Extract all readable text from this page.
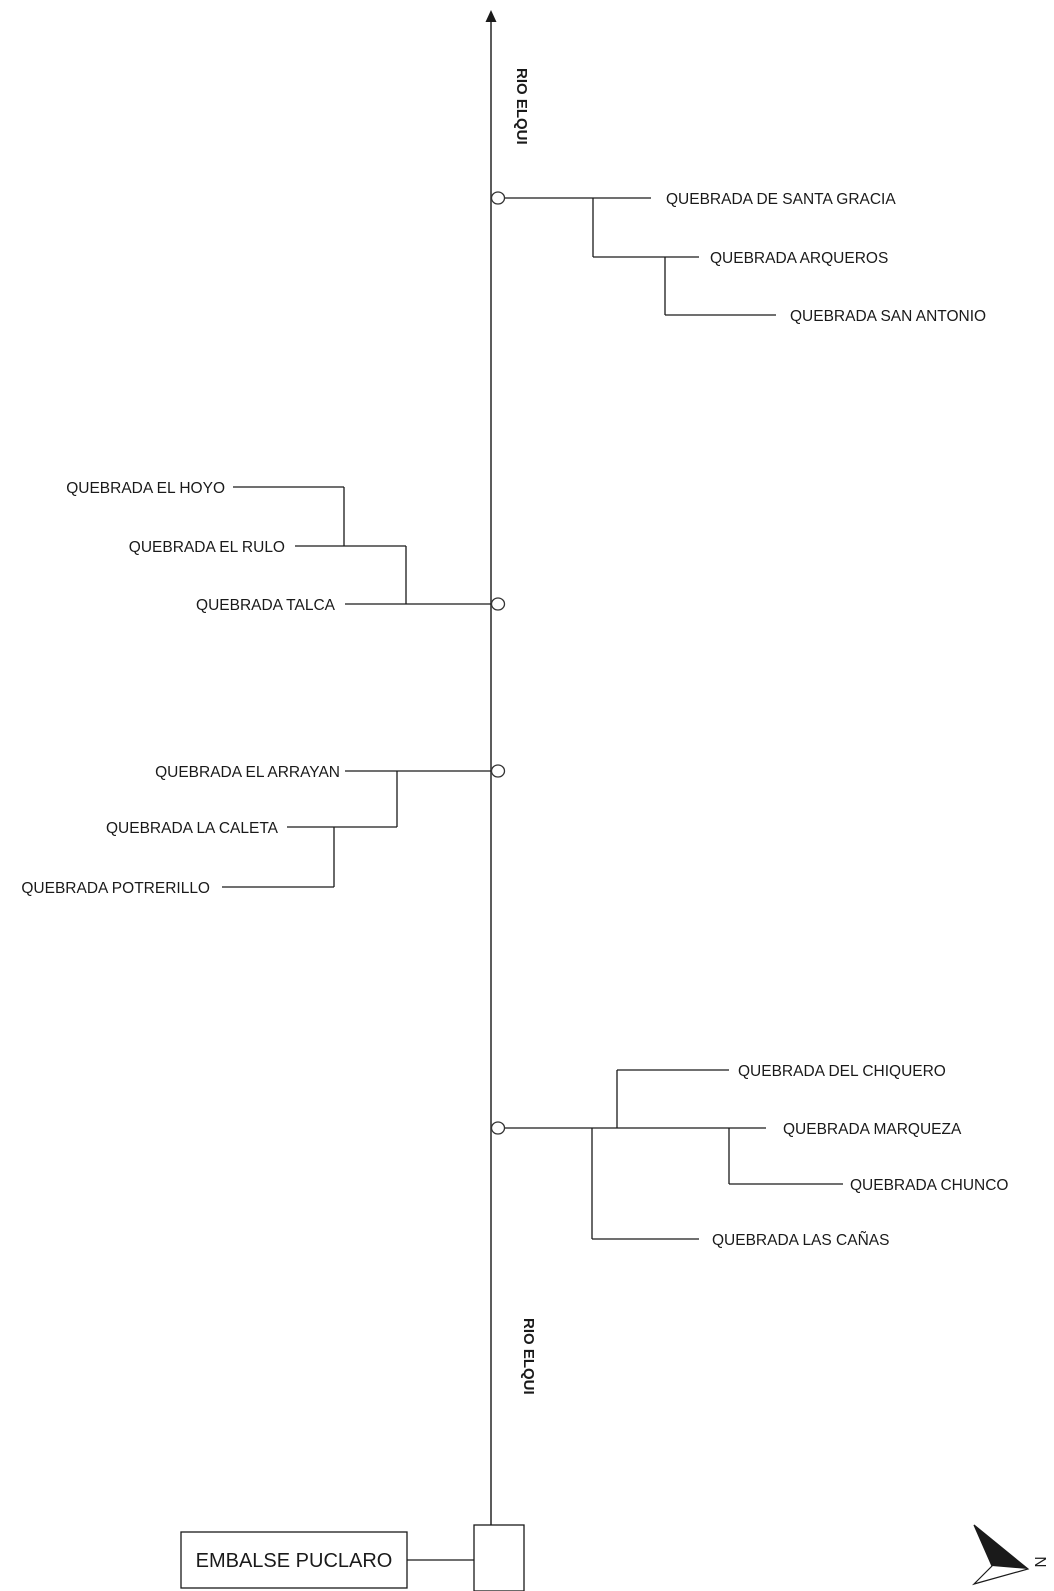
RIO ELQUI
RIO ELQUI
QUEBRADA DE SANTA GRACIA
QUEBRADA ARQUEROS
QUEBRADA SAN ANTONIO
QUEBRADA EL HOYO
QUEBRADA EL RULO
QUEBRADA TALCA
QUEBRADA EL ARRAYAN
QUEBRADA LA CALETA
QUEBRADA POTRERILLO
QUEBRADA DEL CHIQUERO
QUEBRADA MARQUEZA
QUEBRADA CHUNCO
QUEBRADA LAS CAÑAS
EMBALSE PUCLARO	N
